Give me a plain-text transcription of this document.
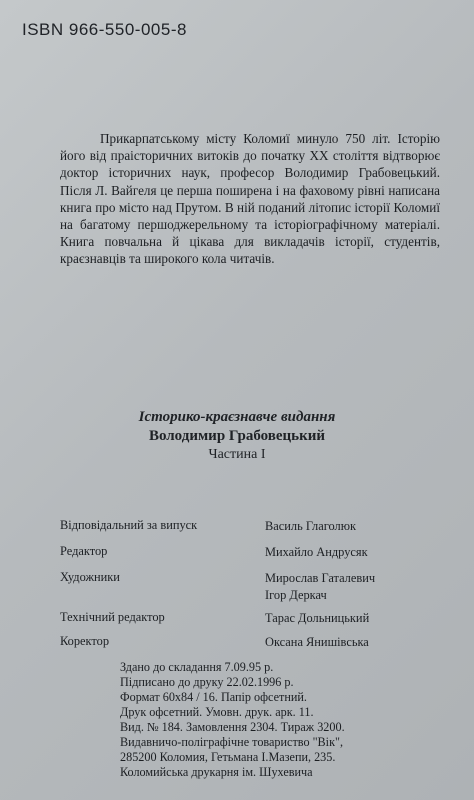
ISBN 966-550-005-8
Прикарпатському місту Коломиї минуло 750 літ. Історію його від праісторичних витоків до початку XX століття відтворює доктор історичних наук, професор Володимир Грабовецький. Після Л. Вайгеля це перша поширена і на фаховому рівні написана книга про місто над Прутом. В ній поданий літопис історії Коломиї на багатому першоджерельному та історіографічному матеріалі. Книга повчальна й цікава для викладачів історії, студентів, краєзнавців та широкого кола читачів.
Історико-краєзнавче видання
Володимир Грабовецький
Частина І
Відповідальний за випуск	Василь Глаголюк
Редактор	Михайло Андрусяк
Художники	Мирослав Гаталевич
Ігор Деркач
Технічний редактор	Тарас Дольницький
Коректор	Оксана Янишівська
Здано до складання 7.09.95 р.
Підписано до друку 22.02.1996 р.
Формат 60х84 / 16. Папір офсетний.
Друк офсетний. Умовн. друк. арк. 11.
Вид. № 184. Замовлення 2304. Тираж 3200.
Видавничо-поліграфічне товариство "Вік",
285200 Коломия, Гетьмана І.Мазепи, 235.
Коломийська друкарня ім. Шухевича
